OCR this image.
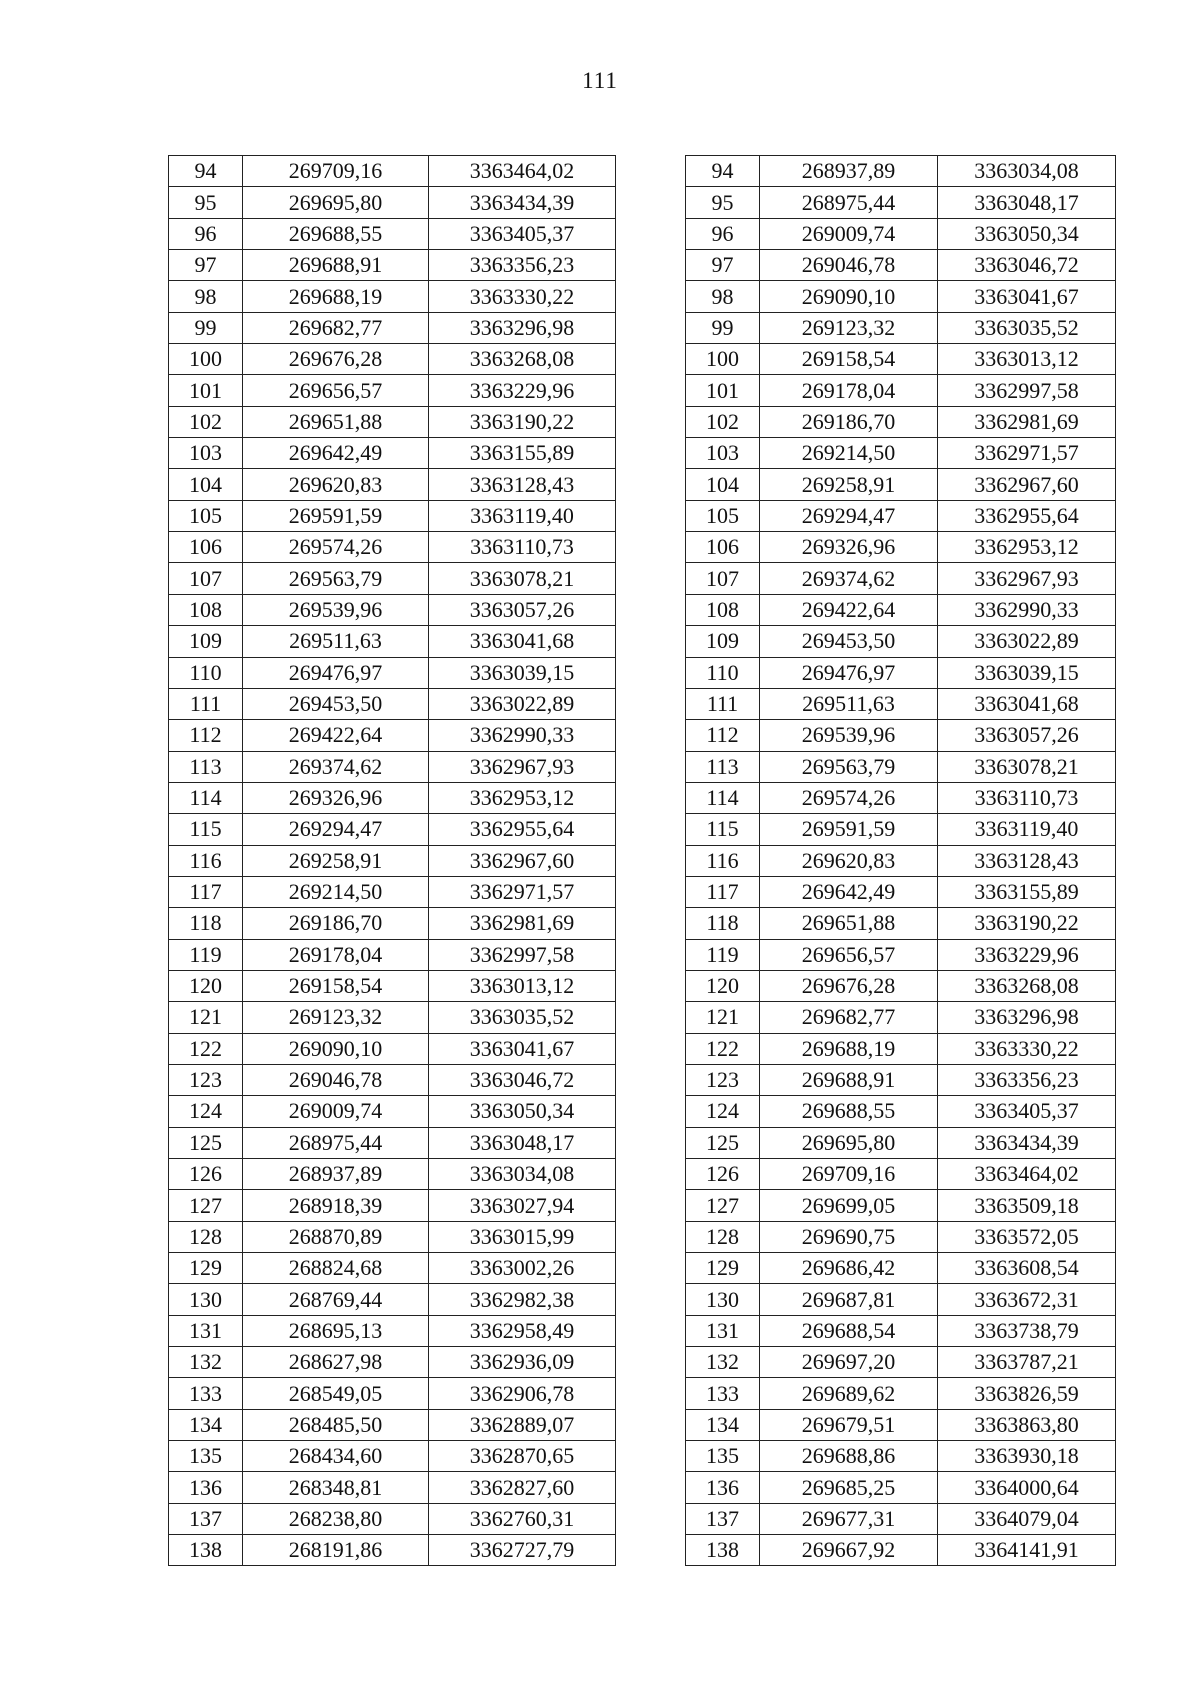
111
94	269709,16	3363464,02
95	269695,80	3363434,39
96	269688,55	3363405,37
97	269688,91	3363356,23
98	269688,19	3363330,22
99	269682,77	3363296,98
100	269676,28	3363268,08
101	269656,57	3363229,96
102	269651,88	3363190,22
103	269642,49	3363155,89
104	269620,83	3363128,43
105	269591,59	3363119,40
106	269574,26	3363110,73
107	269563,79	3363078,21
108	269539,96	3363057,26
109	269511,63	3363041,68
110	269476,97	3363039,15
111	269453,50	3363022,89
112	269422,64	3362990,33
113	269374,62	3362967,93
114	269326,96	3362953,12
115	269294,47	3362955,64
116	269258,91	3362967,60
117	269214,50	3362971,57
118	269186,70	3362981,69
119	269178,04	3362997,58
120	269158,54	3363013,12
121	269123,32	3363035,52
122	269090,10	3363041,67
123	269046,78	3363046,72
124	269009,74	3363050,34
125	268975,44	3363048,17
126	268937,89	3363034,08
127	268918,39	3363027,94
128	268870,89	3363015,99
129	268824,68	3363002,26
130	268769,44	3362982,38
131	268695,13	3362958,49
132	268627,98	3362936,09
133	268549,05	3362906,78
134	268485,50	3362889,07
135	268434,60	3362870,65
136	268348,81	3362827,60
137	268238,80	3362760,31
138	268191,86	3362727,79
94	268937,89	3363034,08
95	268975,44	3363048,17
96	269009,74	3363050,34
97	269046,78	3363046,72
98	269090,10	3363041,67
99	269123,32	3363035,52
100	269158,54	3363013,12
101	269178,04	3362997,58
102	269186,70	3362981,69
103	269214,50	3362971,57
104	269258,91	3362967,60
105	269294,47	3362955,64
106	269326,96	3362953,12
107	269374,62	3362967,93
108	269422,64	3362990,33
109	269453,50	3363022,89
110	269476,97	3363039,15
111	269511,63	3363041,68
112	269539,96	3363057,26
113	269563,79	3363078,21
114	269574,26	3363110,73
115	269591,59	3363119,40
116	269620,83	3363128,43
117	269642,49	3363155,89
118	269651,88	3363190,22
119	269656,57	3363229,96
120	269676,28	3363268,08
121	269682,77	3363296,98
122	269688,19	3363330,22
123	269688,91	3363356,23
124	269688,55	3363405,37
125	269695,80	3363434,39
126	269709,16	3363464,02
127	269699,05	3363509,18
128	269690,75	3363572,05
129	269686,42	3363608,54
130	269687,81	3363672,31
131	269688,54	3363738,79
132	269697,20	3363787,21
133	269689,62	3363826,59
134	269679,51	3363863,80
135	269688,86	3363930,18
136	269685,25	3364000,64
137	269677,31	3364079,04
138	269667,92	3364141,91
